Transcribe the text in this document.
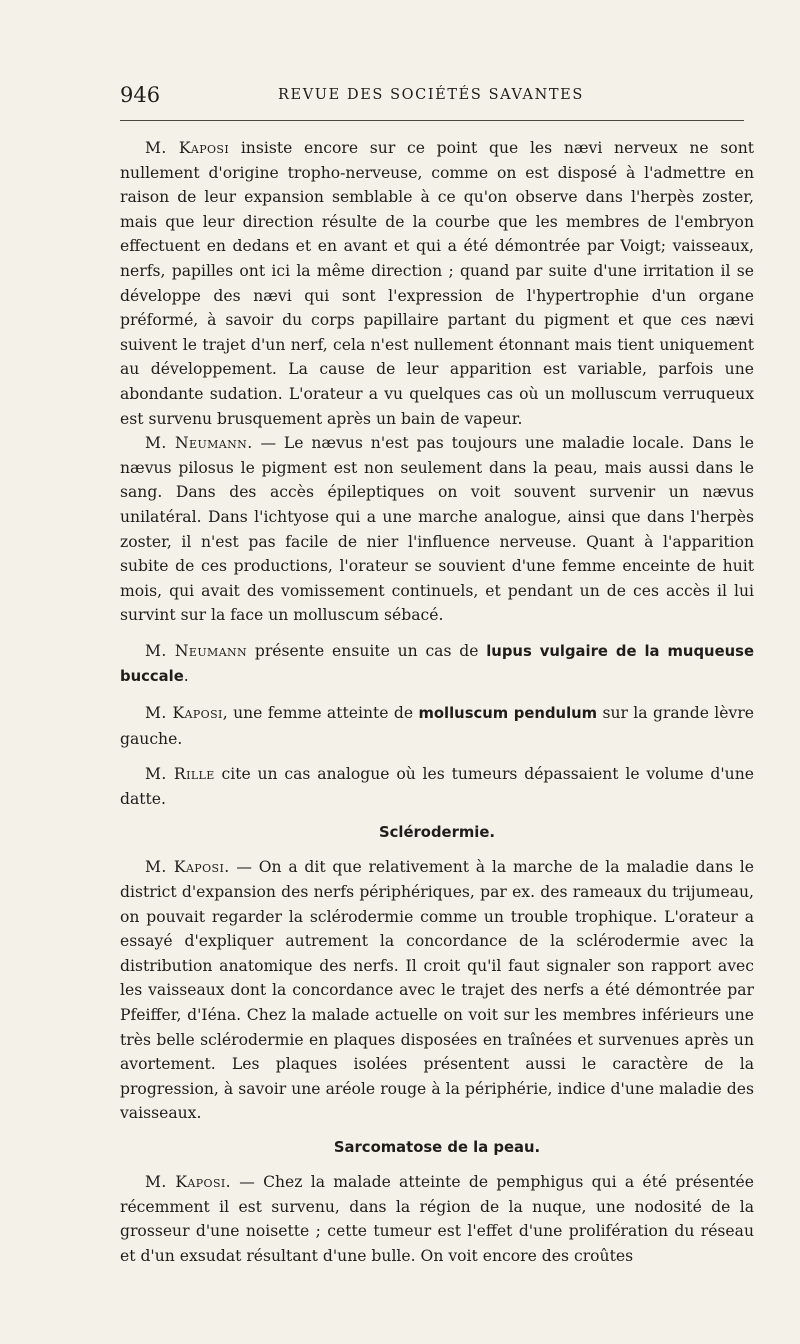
946	REVUE DES SOCIÉTÉS SAVANTES

M. Kaposi insiste encore sur ce point que les nævi nerveux ne sont nullement d'origine tropho-nerveuse, comme on est disposé à l'admettre en raison de leur expansion semblable à ce qu'on observe dans l'herpès zoster, mais que leur direction résulte de la courbe que les membres de l'embryon effectuent en dedans et en avant et qui a été démontrée par Voigt; vaisseaux, nerfs, papilles ont ici la même direction ; quand par suite d'une irritation il se développe des nævi qui sont l'expression de l'hypertrophie d'un organe préformé, à savoir du corps papillaire partant du pigment et que ces nævi suivent le trajet d'un nerf, cela n'est nullement étonnant mais tient uniquement au développement. La cause de leur apparition est variable, parfois une abondante sudation. L'orateur a vu quelques cas où un molluscum verruqueux est survenu brusquement après un bain de vapeur.

M. Neumann. — Le nævus n'est pas toujours une maladie locale. Dans le nævus pilosus le pigment est non seulement dans la peau, mais aussi dans le sang. Dans des accès épileptiques on voit souvent survenir un nævus unilatéral. Dans l'ichtyose qui a une marche analogue, ainsi que dans l'herpès zoster, il n'est pas facile de nier l'influence nerveuse. Quant à l'apparition subite de ces productions, l'orateur se souvient d'une femme enceinte de huit mois, qui avait des vomissement continuels, et pendant un de ces accès il lui survint sur la face un molluscum sébacé.

M. Neumann présente ensuite un cas de lupus vulgaire de la muqueuse buccale.

M. Kaposi, une femme atteinte de molluscum pendulum sur la grande lèvre gauche.

M. Rille cite un cas analogue où les tumeurs dépassaient le volume d'une datte.

Sclérodermie.

M. Kaposi. — On a dit que relativement à la marche de la maladie dans le district d'expansion des nerfs périphériques, par ex. des rameaux du trijumeau, on pouvait regarder la sclérodermie comme un trouble trophique. L'orateur a essayé d'expliquer autrement la concordance de la sclérodermie avec la distribution anatomique des nerfs. Il croit qu'il faut signaler son rapport avec les vaisseaux dont la concordance avec le trajet des nerfs a été démontrée par Pfeiffer, d'Iéna. Chez la malade actuelle on voit sur les membres inférieurs une très belle sclérodermie en plaques disposées en traînées et survenues après un avortement. Les plaques isolées présentent aussi le caractère de la progression, à savoir une aréole rouge à la périphérie, indice d'une maladie des vaisseaux.

Sarcomatose de la peau.

M. Kaposi. — Chez la malade atteinte de pemphigus qui a été présentée récemment il est survenu, dans la région de la nuque, une nodosité de la grosseur d'une noisette ; cette tumeur est l'effet d'une prolifération du réseau et d'un exsudat résultant d'une bulle. On voit encore des croûtes
